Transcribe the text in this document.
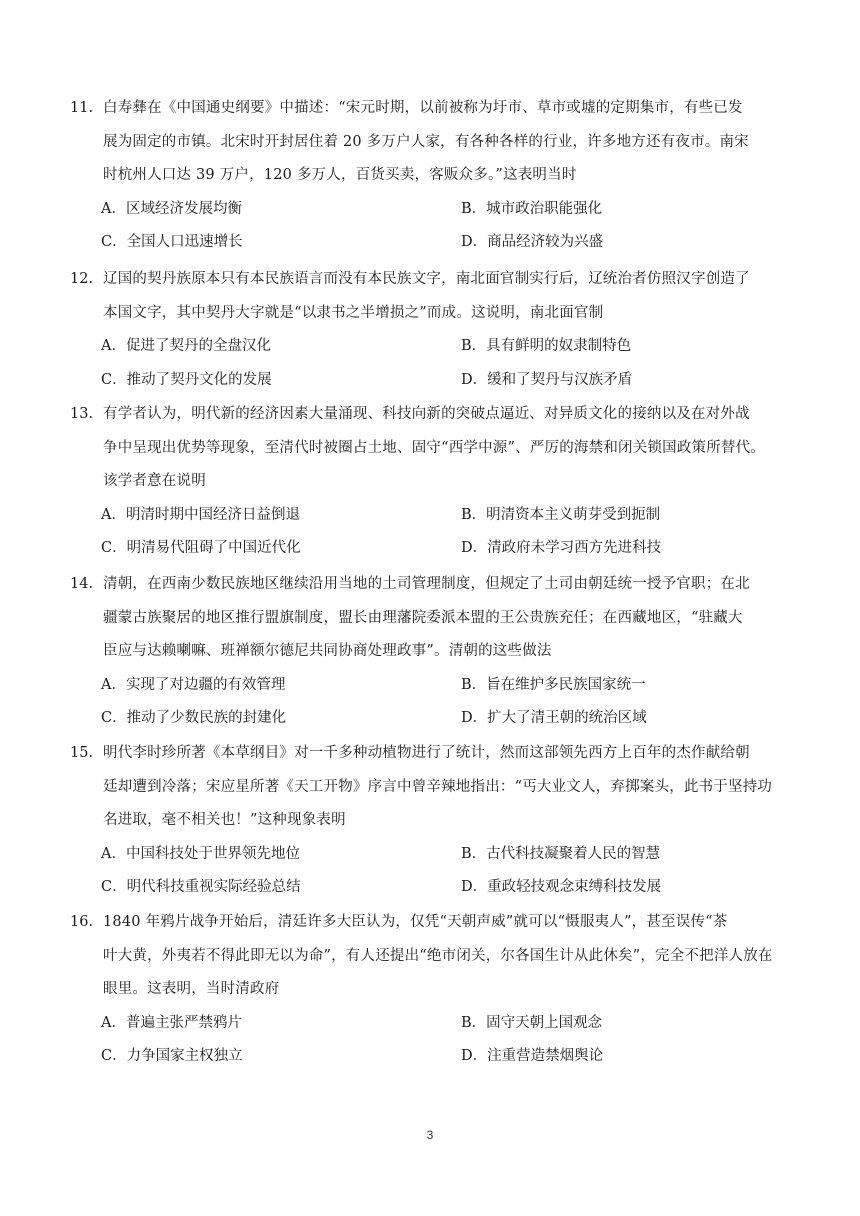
11. 白寿彝在《中国通史纲要》中描述：“宋元时期，以前被称为圩市、草市或墟的定期集市，有些已发
展为固定的市镇。北宋时开封居住着 20 多万户人家，有各种各样的行业，许多地方还有夜市。南宋
时杭州人口达 39 万户，120 多万人，百货买卖，客贩众多。”这表明当时
A．区域经济发展均衡	B．城市政治职能强化
C．全国人口迅速增长	D．商品经济较为兴盛
12. 辽国的契丹族原本只有本民族语言而没有本民族文字，南北面官制实行后，辽统治者仿照汉字创造了
本国文字，其中契丹大字就是“以隶书之半增损之”而成。这说明，南北面官制
A．促进了契丹的全盘汉化	B．具有鲜明的奴隶制特色
C．推动了契丹文化的发展	D．缓和了契丹与汉族矛盾
13. 有学者认为，明代新的经济因素大量涌现、科技向新的突破点逼近、对异质文化的接纳以及在对外战
争中呈现出优势等现象，至清代时被圈占土地、固守“西学中源”、严厉的海禁和闭关锁国政策所替代。
该学者意在说明
A．明清时期中国经济日益倒退	B．明清资本主义萌芽受到扼制
C．明清易代阻碍了中国近代化	D．清政府未学习西方先进科技
14. 清朝，在西南少数民族地区继续沿用当地的土司管理制度，但规定了土司由朝廷统一授予官职；在北
疆蒙古族聚居的地区推行盟旗制度，盟长由理藩院委派本盟的王公贵族充任；在西藏地区，“驻藏大
臣应与达赖喇嘛、班禅额尔德尼共同协商处理政事”。清朝的这些做法
A．实现了对边疆的有效管理	B．旨在维护多民族国家统一
C．推动了少数民族的封建化	D．扩大了清王朝的统治区域
15. 明代李时珍所著《本草纲目》对一千多种动植物进行了统计，然而这部领先西方上百年的杰作献给朝
廷却遭到冷落；宋应星所著《天工开物》序言中曾辛辣地指出：“丐大业文人，弃掷案头，此书于坚持功
名进取，毫不相关也！”这种现象表明
A．中国科技处于世界领先地位	B．古代科技凝聚着人民的智慧
C．明代科技重视实际经验总结	D．重政轻技观念束缚科技发展
16. 1840 年鸦片战争开始后，清廷许多大臣认为，仅凭“天朝声威”就可以“慑服夷人”，甚至误传“茶
叶大黄，外夷若不得此即无以为命”，有人还提出“绝市闭关，尔各国生计从此休矣”，完全不把洋人放在
眼里。这表明，当时清政府
A．普遍主张严禁鸦片	B．固守天朝上国观念
C．力争国家主权独立	D．注重营造禁烟舆论
3
